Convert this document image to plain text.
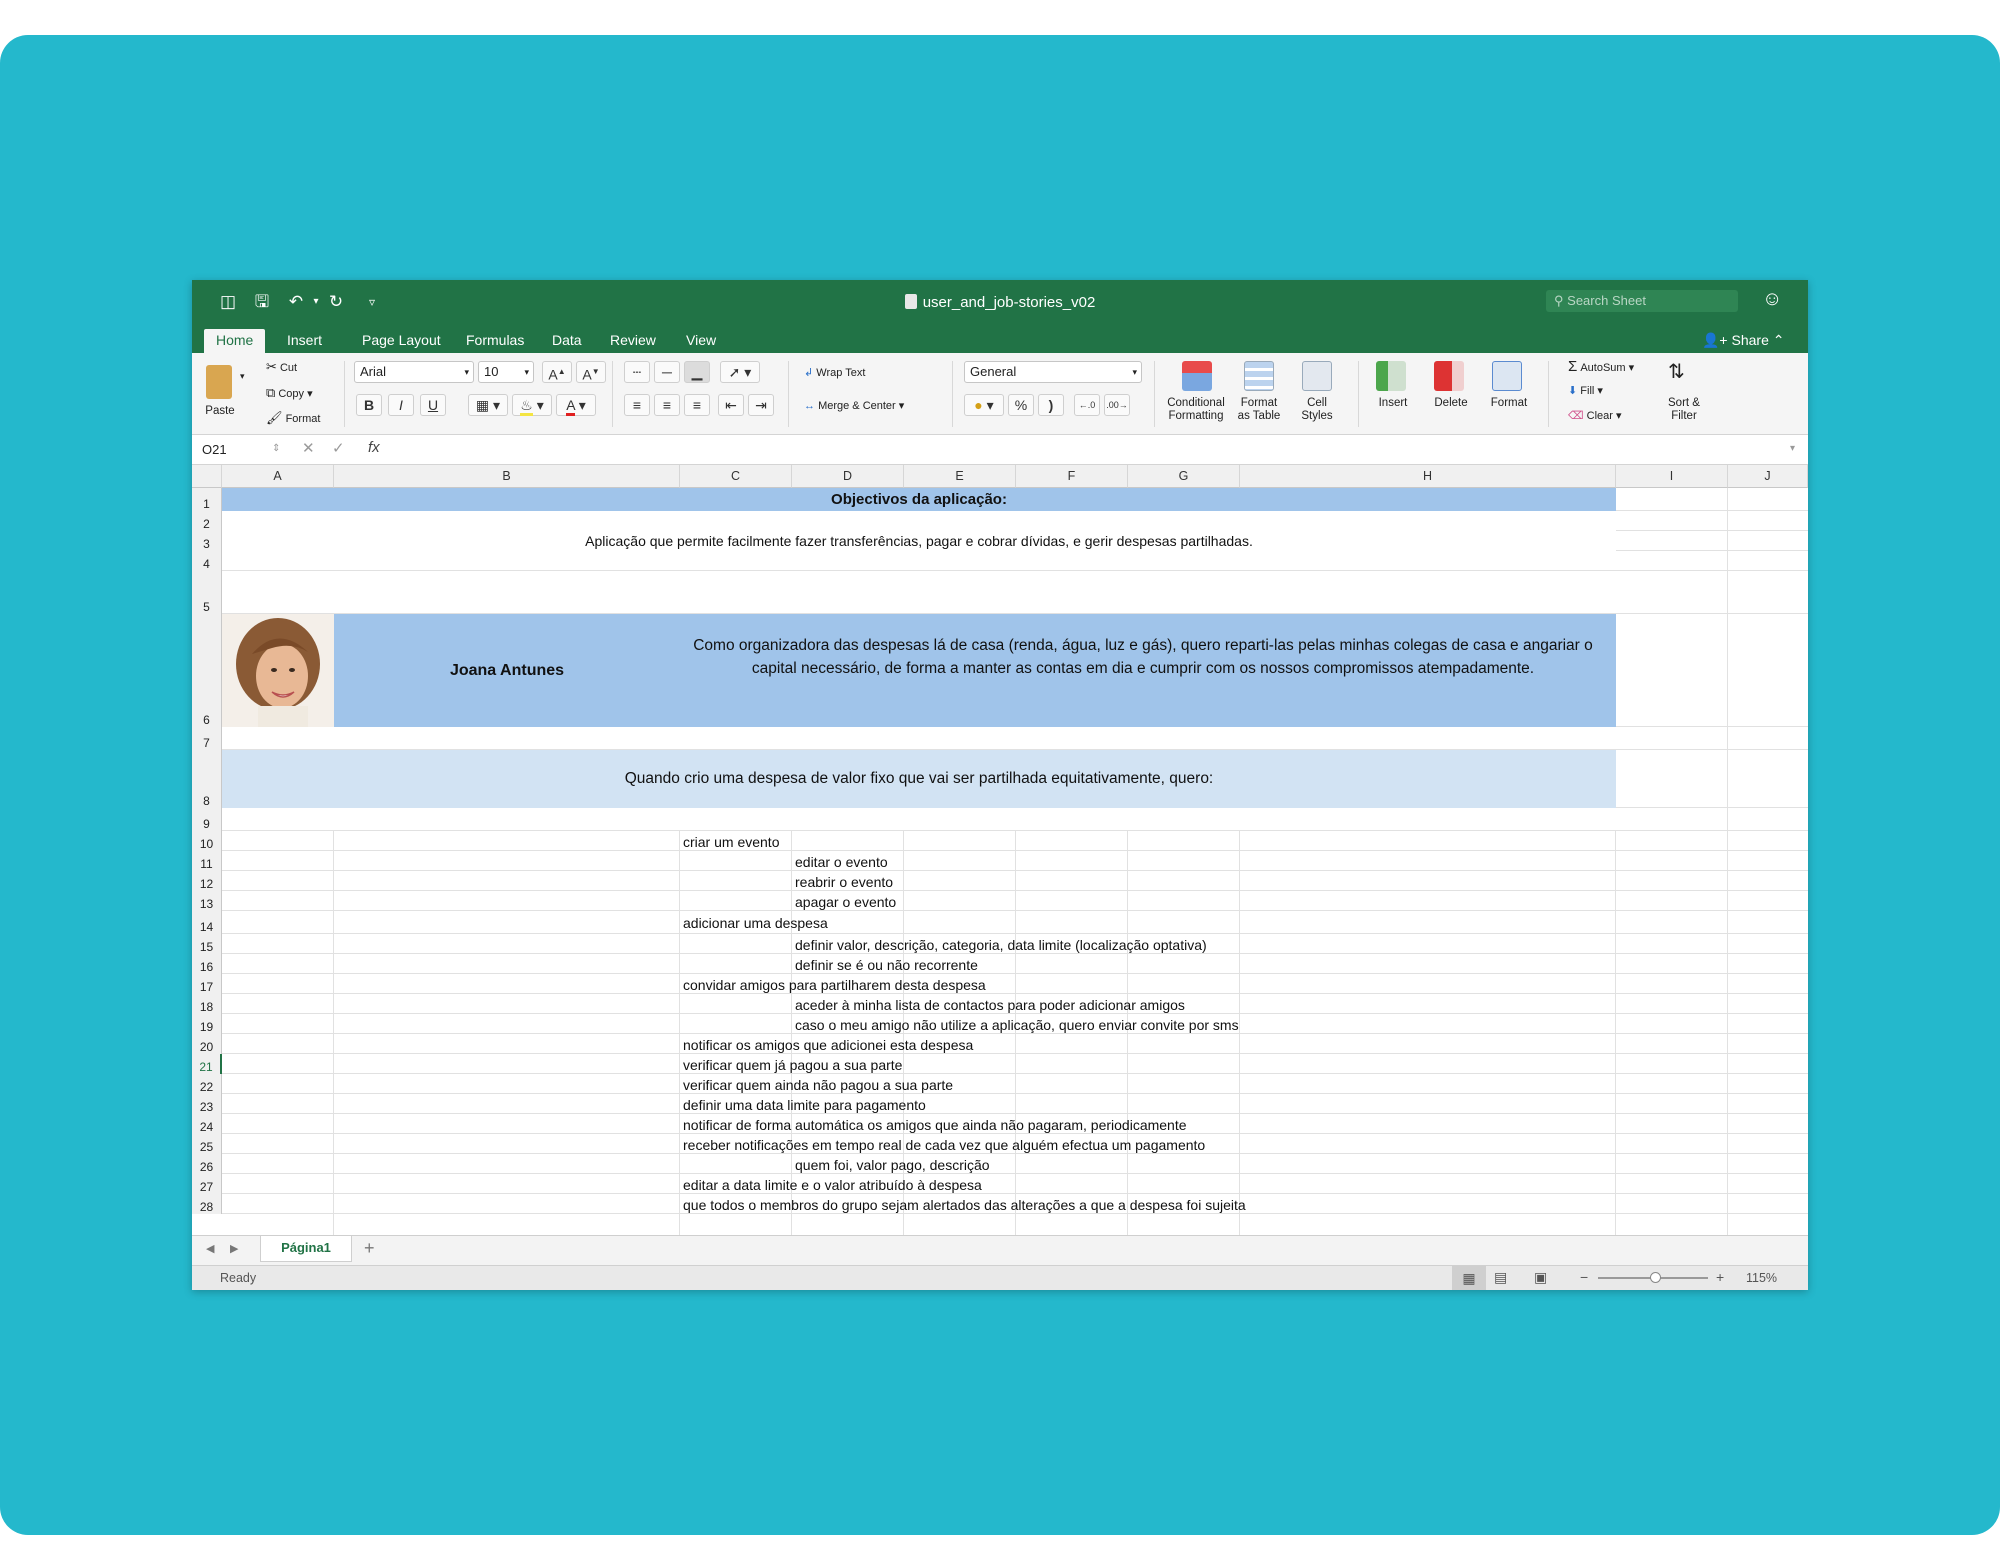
user_and_job-stories_v02
◫ 🖫 ↶	▾ ↻	▿	⚲ Search Sheet	☺
Home	Insert	Page Layout	Formulas	Data	Review	View	👤+ Share ⌃
▾
Paste
✂ Cut
⧉ Copy ▾
🖌 Format
Arial	▾	10	▾	A▲	A▼
B	I	U	▦ ▾	♨ ▾	A ▾
┄	─	▁	➚ ▾
≡	≡	≡	⇤	⇥
↲ Wrap Text
↔ Merge & Center ▾
General	▾
● ▾	%	)	←.0	.00→	Conditional
Formatting
Format
as Table
Cell
Styles
Insert	Delete	Format
Σ AutoSum ▾
⬇ Fill ▾
⌫ Clear ▾
⇅
Sort &
Filter
O21	⇕ ✕ ✓ fx	▾
A	B	C	D	E	F	G	H	I	J
1
2
3
4
5
6
7
8
9
10
11
12
13
14
15
16
17
18
19
20
21
22
23
24
25
26
27
28
Objectivos da aplicação:
Aplicação que permite facilmente fazer transferências, pagar e cobrar dívidas, e gerir despesas partilhadas.
Joana Antunes
Como organizadora das despesas lá de casa (renda, água, luz e gás), quero reparti-las pelas minhas colegas de casa e angariar o capital necessário, de forma a manter as contas em dia e cumprir com os nossos compromissos atempadamente.
Quando crio uma despesa de valor fixo que vai ser partilhada equitativamente, quero:
criar um evento
editar o evento
reabrir o evento
apagar o evento
adicionar uma despesa
definir valor, descrição, categoria, data limite (localização optativa)
definir se é ou não recorrente
convidar amigos para partilharem desta despesa
aceder à minha lista de contactos para poder adicionar amigos
caso o meu amigo não utilize a aplicação, quero enviar convite por sms
notificar os amigos que adicionei esta despesa
verificar quem já pagou a sua parte
verificar quem ainda não pagou a sua parte
definir uma data limite para pagamento
notificar de forma automática os amigos que ainda não pagaram, periodicamente
receber notificações em tempo real de cada vez que alguém efectua um pagamento
quem foi, valor pago, descrição
editar a data limite e o valor atribuído à despesa
que todos o membros do grupo sejam alertados das alterações a que a despesa foi sujeita
◀ ▶	Página1	+
Ready	▦	▤ ▣ −	+ 115%
